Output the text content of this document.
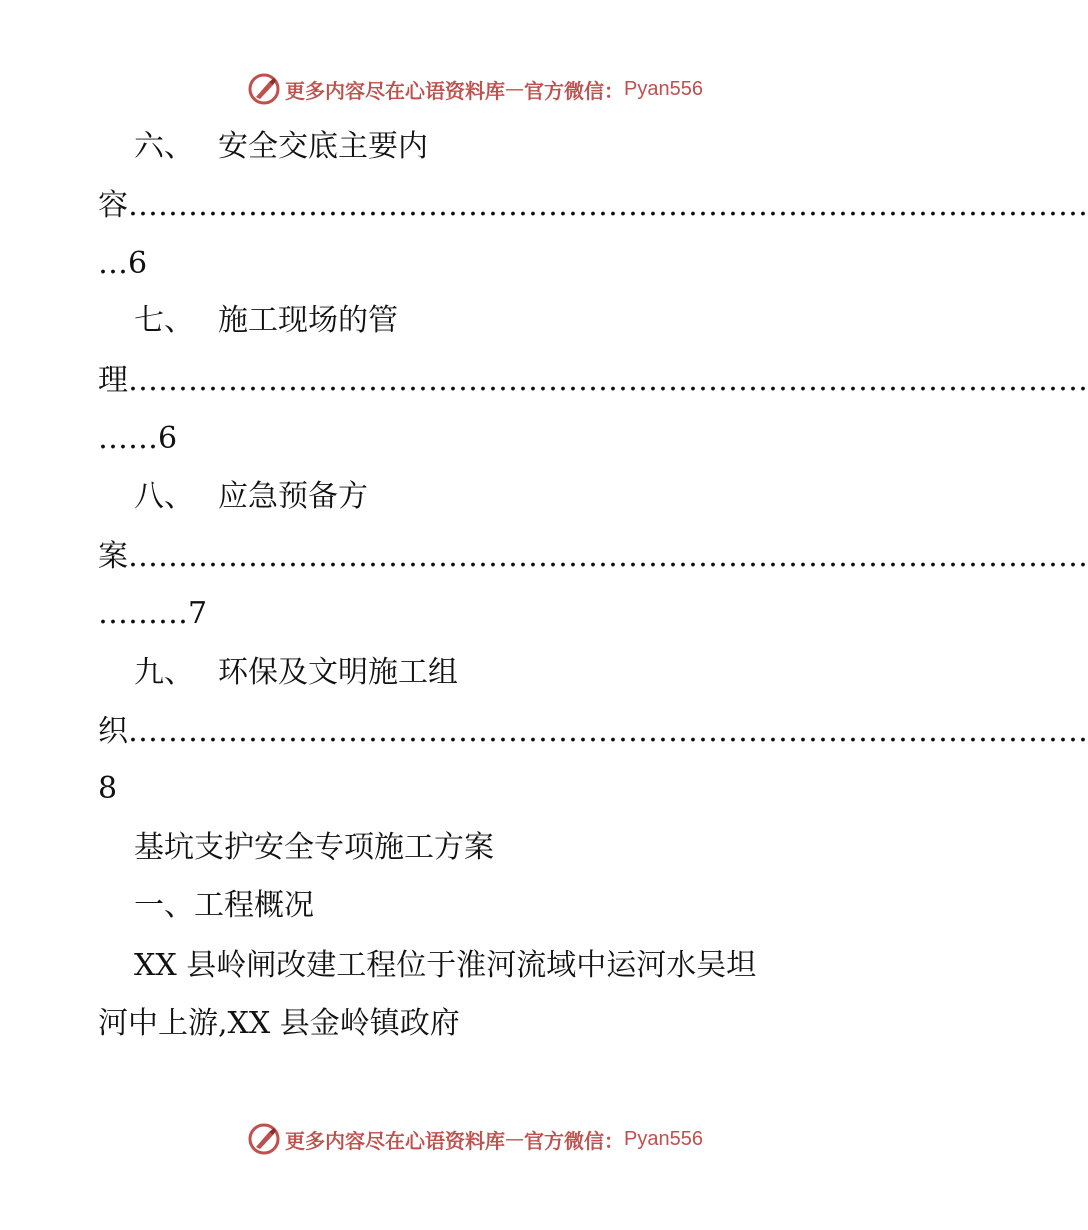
更多内容尽在心语资料库 — 官方微信： Pyan556
六、 安全交底主要内
容 ……………………………………………………………………………………
…6
七、 施工现场的管
理 ……………………………………………………………………………………
……6
八、 应急预备方
案 ……………………………………………………………………………………
………7
九、 环保及文明施工组
织 ……………………………………………………………………………………
8
基坑支护安全专项施工方案
一、工程概况
XX 县岭闸改建工程位于淮河流域中运河水吴坦
河中上游,XX 县金岭镇政府
更多内容尽在心语资料库 — 官方微信： Pyan556
